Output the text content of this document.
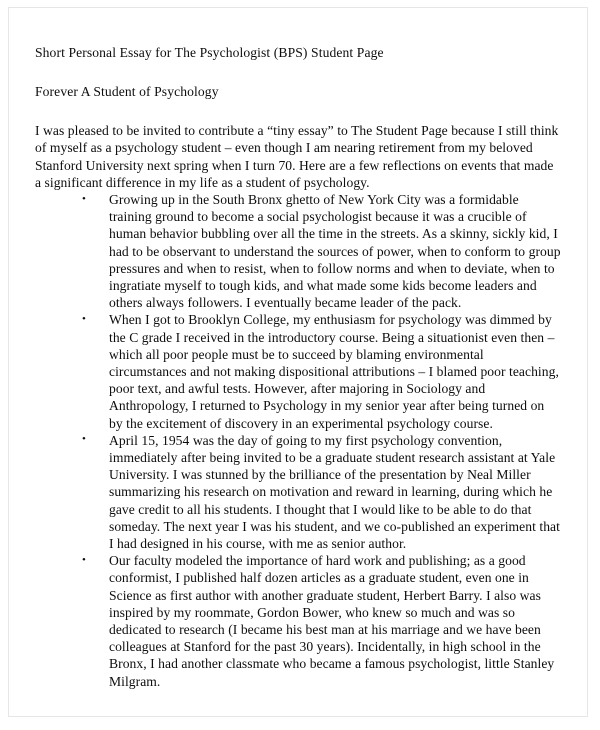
Short Personal Essay for The Psychologist (BPS) Student Page

Forever A Student of Psychology

I was pleased to be invited to contribute a “tiny essay” to The Student Page because I still think of myself as a psychology student – even though I am nearing retirement from my beloved Stanford University next spring when I turn 70. Here are a few reflections on events that made a significant difference in my life as a student of psychology.

• Growing up in the South Bronx ghetto of New York City was a formidable training ground to become a social psychologist because it was a crucible of human behavior bubbling over all the time in the streets. As a skinny, sickly kid, I had to be observant to understand the sources of power, when to conform to group pressures and when to resist, when to follow norms and when to deviate, when to ingratiate myself to tough kids, and what made some kids become leaders and others always followers. I eventually became leader of the pack.
• When I got to Brooklyn College, my enthusiasm for psychology was dimmed by the C grade I received in the introductory course. Being a situationist even then – which all poor people must be to succeed by blaming environmental circumstances and not making dispositional attributions – I blamed poor teaching, poor text, and awful tests. However, after majoring in Sociology and Anthropology, I returned to Psychology in my senior year after being turned on by the excitement of discovery in an experimental psychology course.
• April 15, 1954 was the day of going to my first psychology convention, immediately after being invited to be a graduate student research assistant at Yale University. I was stunned by the brilliance of the presentation by Neal Miller summarizing his research on motivation and reward in learning, during which he gave credit to all his students. I thought that I would like to be able to do that someday. The next year I was his student, and we co-published an experiment that I had designed in his course, with me as senior author.
• Our faculty modeled the importance of hard work and publishing; as a good conformist, I published half dozen articles as a graduate student, even one in Science as first author with another graduate student, Herbert Barry. I also was inspired by my roommate, Gordon Bower, who knew so much and was so dedicated to research (I became his best man at his marriage and we have been colleagues at Stanford for the past 30 years). Incidentally, in high school in the Bronx, I had another classmate who became a famous psychologist, little Stanley Milgram.
